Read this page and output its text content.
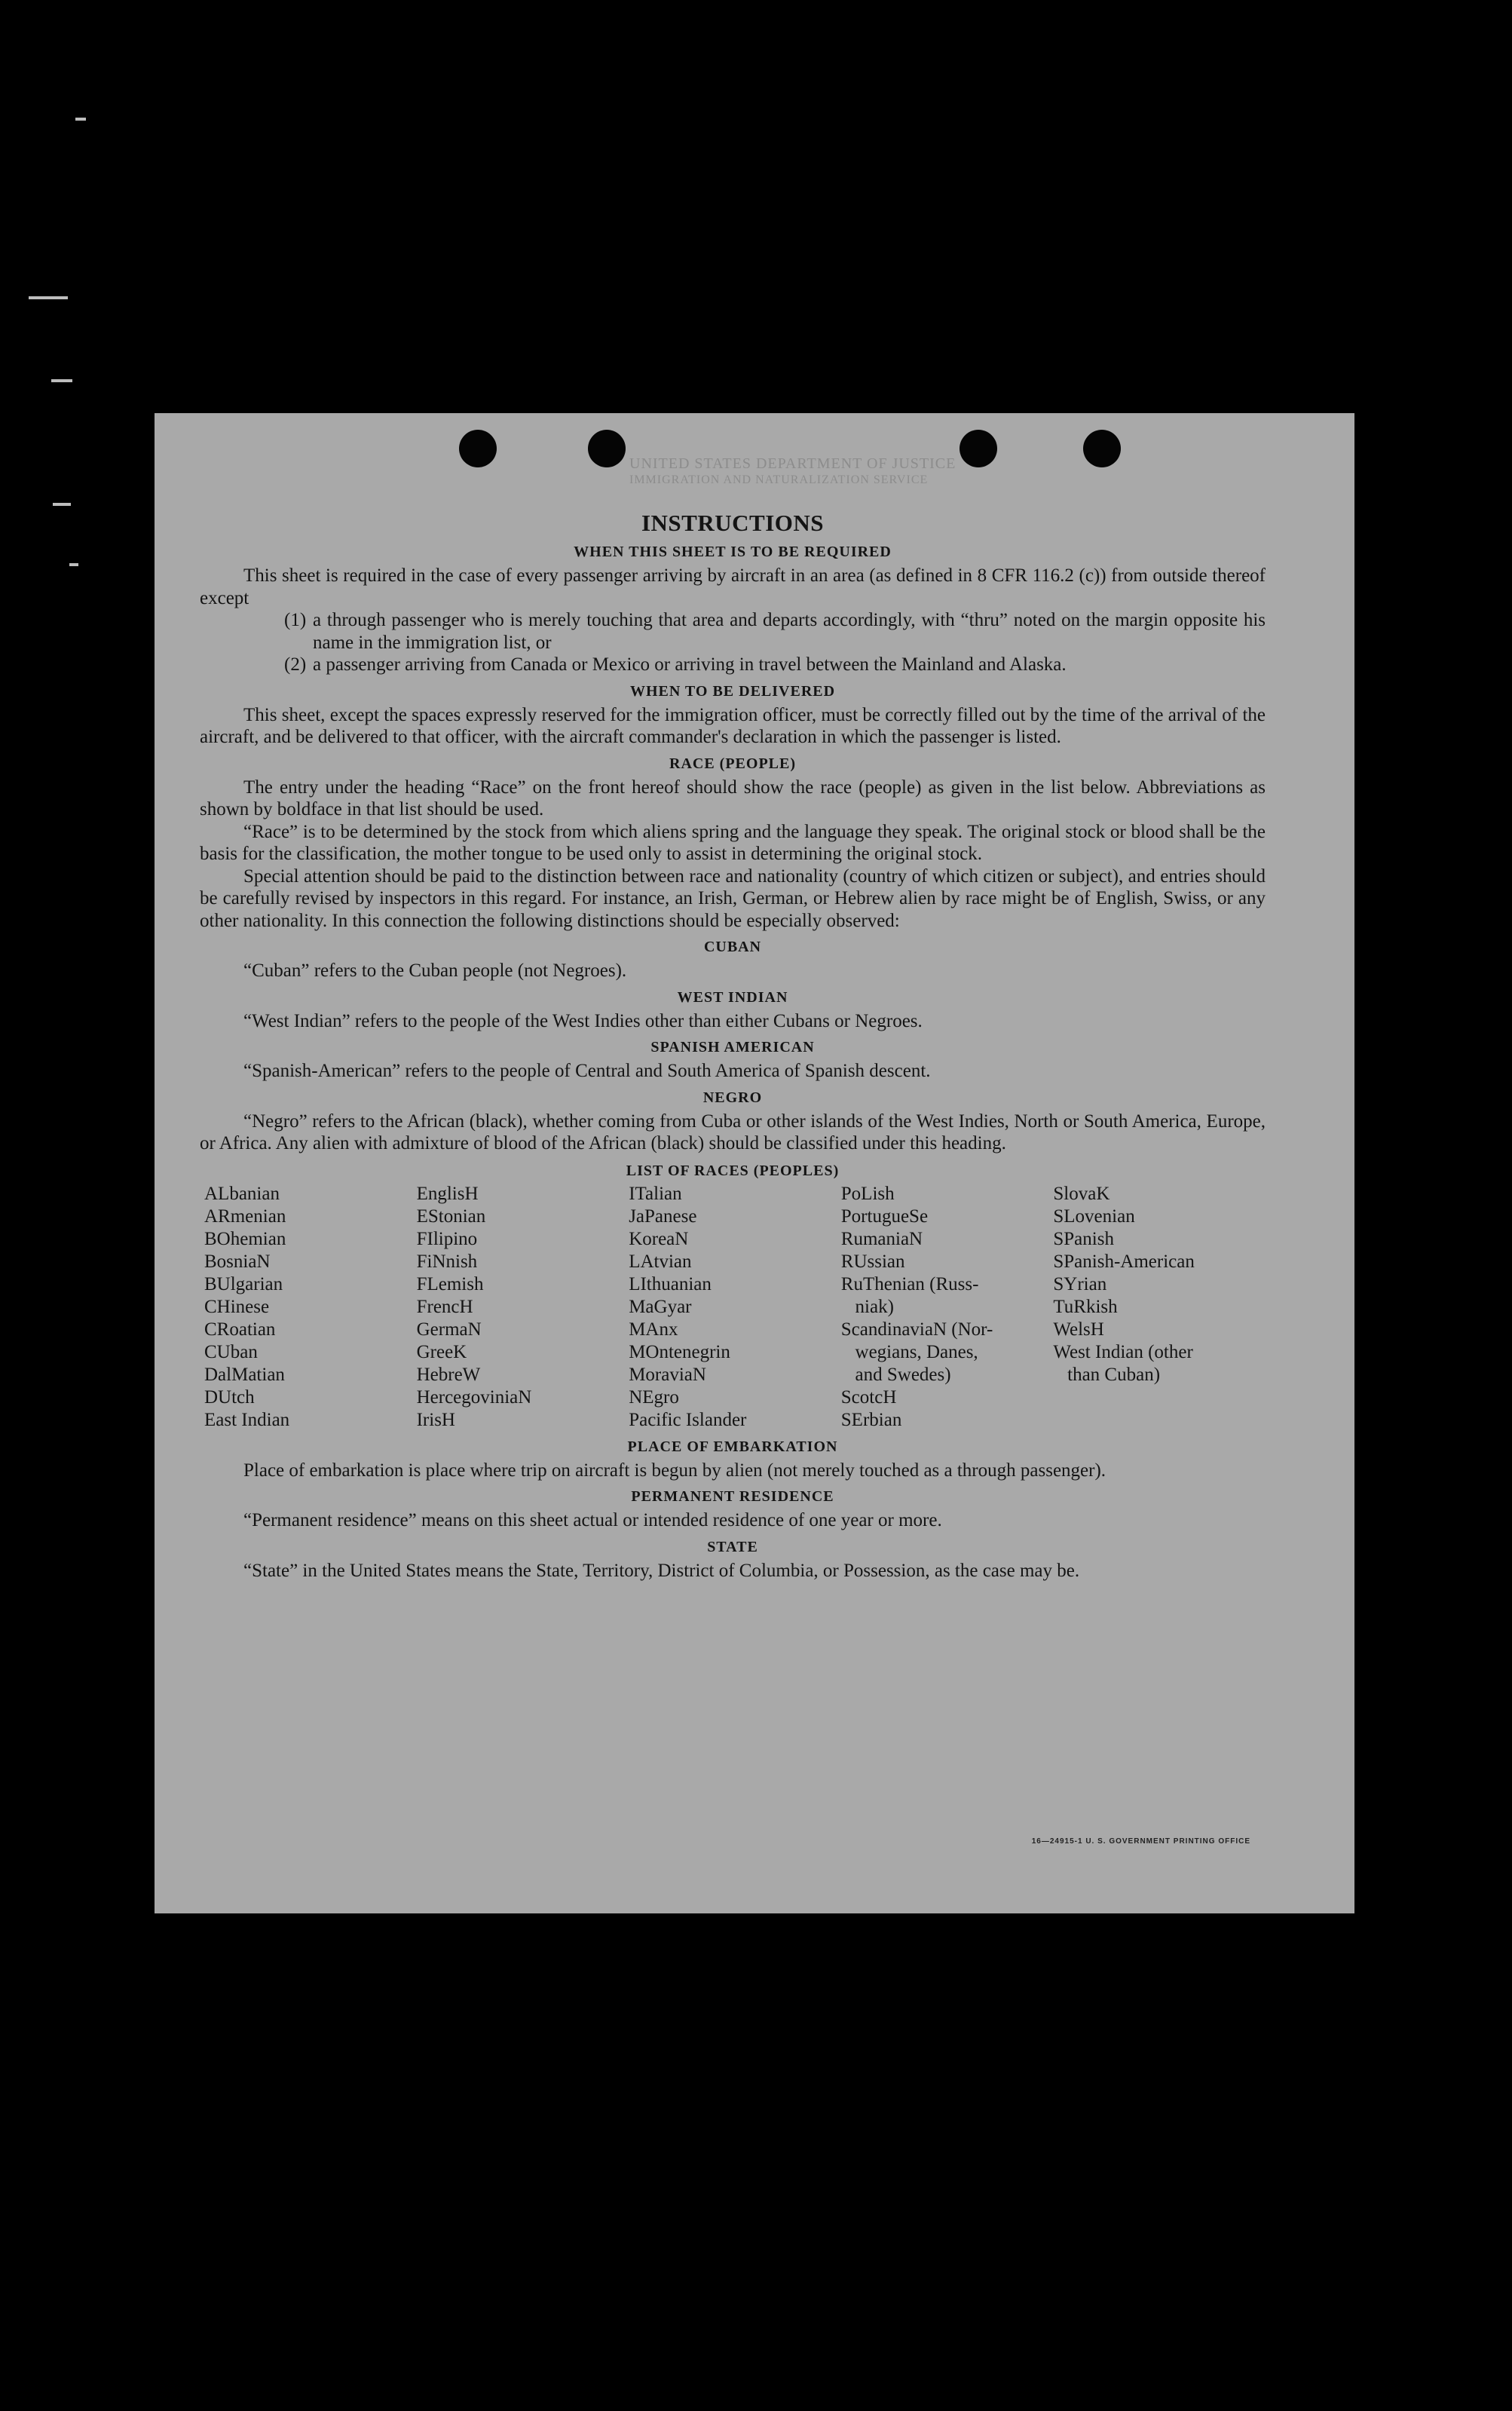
UNITED STATES DEPARTMENT OF JUSTICE
IMMIGRATION AND NATURALIZATION SERVICE
INSTRUCTIONS
WHEN THIS SHEET IS TO BE REQUIRED

This sheet is required in the case of every passenger arriving by aircraft in an area (as defined in 8 CFR 116.2 (c)) from outside thereof except

(1) a through passenger who is merely touching that area and departs accordingly, with “thru” noted on the margin opposite his name in the immigration list, or
(2) a passenger arriving from Canada or Mexico or arriving in travel between the Mainland and Alaska.
WHEN TO BE DELIVERED

This sheet, except the spaces expressly reserved for the immigration officer, must be correctly filled out by the time of the arrival of the aircraft, and be delivered to that officer, with the aircraft commander's declaration in which the passenger is listed.

RACE (PEOPLE)

The entry under the heading “Race” on the front hereof should show the race (people) as given in the list below. Abbreviations as shown by boldface in that list should be used.

“Race” is to be determined by the stock from which aliens spring and the language they speak. The original stock or blood shall be the basis for the classification, the mother tongue to be used only to assist in determining the original stock.

Special attention should be paid to the distinction between race and nationality (country of which citizen or subject), and entries should be carefully revised by inspectors in this regard. For instance, an Irish, German, or Hebrew alien by race might be of English, Swiss, or any other nationality. In this connection the following distinctions should be especially observed:

CUBAN

“Cuban” refers to the Cuban people (not Negroes).

WEST INDIAN

“West Indian” refers to the people of the West Indies other than either Cubans or Negroes.

SPANISH AMERICAN

“Spanish-American” refers to the people of Central and South America of Spanish descent.

NEGRO

“Negro” refers to the African (black), whether coming from Cuba or other islands of the West Indies, North or South America, Europe, or Africa. Any alien with admixture of blood of the African (black) should be classified under this heading.

LIST OF RACES (PEOPLES)
ALbanian
ARmenian
BOhemian
BosniaN
BUlgarian
CHinese
CRoatian
CUban
DalMatian
DUtch
East Indian
EnglisH
EStonian
FIlipino
FiNnish
FLemish
FrencH
GermaN
GreeK
HebreW
HercegoviniaN
IrisH
ITalian
JaPanese
KoreaN
LAtvian
LIthuanian
MaGyar
MAnx
MOntenegrin
MoraviaN
NEgro
Pacific Islander
PoLish
PortugueSe
RumaniaN
RUssian
RuThenian (Russ-
niak)
ScandinaviaN (Nor-
wegians, Danes,
and Swedes)
ScotcH
SErbian
SlovaK
SLovenian
SPanish
SPanish-American
SYrian
TuRkish
WelsH
West Indian (other
than Cuban)
PLACE OF EMBARKATION

Place of embarkation is place where trip on aircraft is begun by alien (not merely touched as a through passenger).

PERMANENT RESIDENCE

“Permanent residence” means on this sheet actual or intended residence of one year or more.

STATE

“State” in the United States means the State, Territory, District of Columbia, or Possession, as the case may be.

16—24915-1 U. S. GOVERNMENT PRINTING OFFICE
